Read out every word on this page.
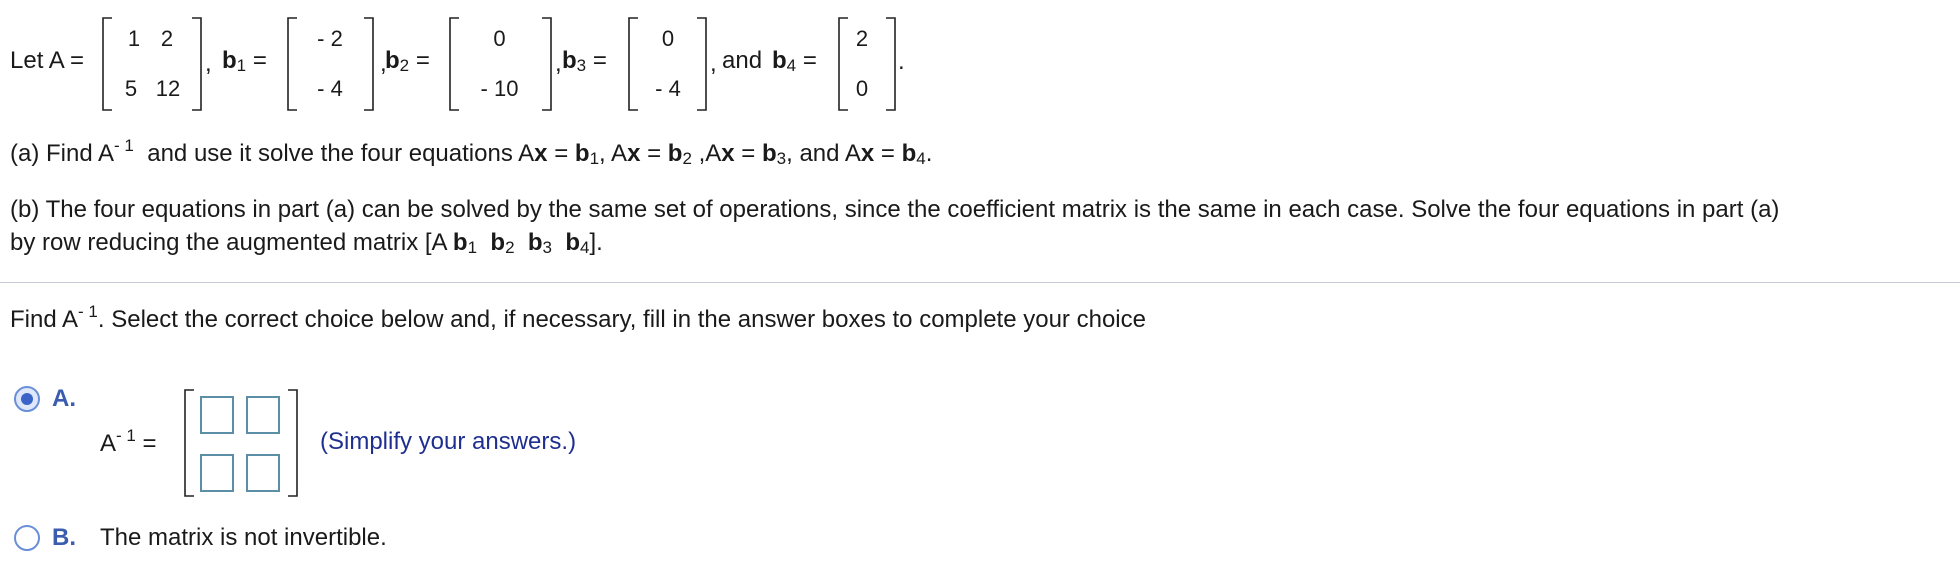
Let A =
1 2
5 12
, $b_1$ =
- 2
- 4
,
$b_2$ =
0
- 10
, $b_3$ =
0
- 4
, and $b_4$ =
2
0
.
(a) Find $A^{- 1}$ and use it solve the four equations $Ax = b_1$, $Ax = b_2$ $,Ax = b_3$, and $Ax = b_4$.
(b) The four equations in part (a) can be solved by the same set of operations, since the coefficient matrix is the same in each case. Solve the four equations in part (a)
by row reducing the augmented matrix [A $b_1$ $b_2$ $b_3$ $b_4$].
Find $A^{- 1}$. Select the correct choice below and, if necessary, fill in the answer boxes to complete your choice
A.
$A^{- 1}$ =	(Simplify your answers.)
B. The matrix is not invertible.
